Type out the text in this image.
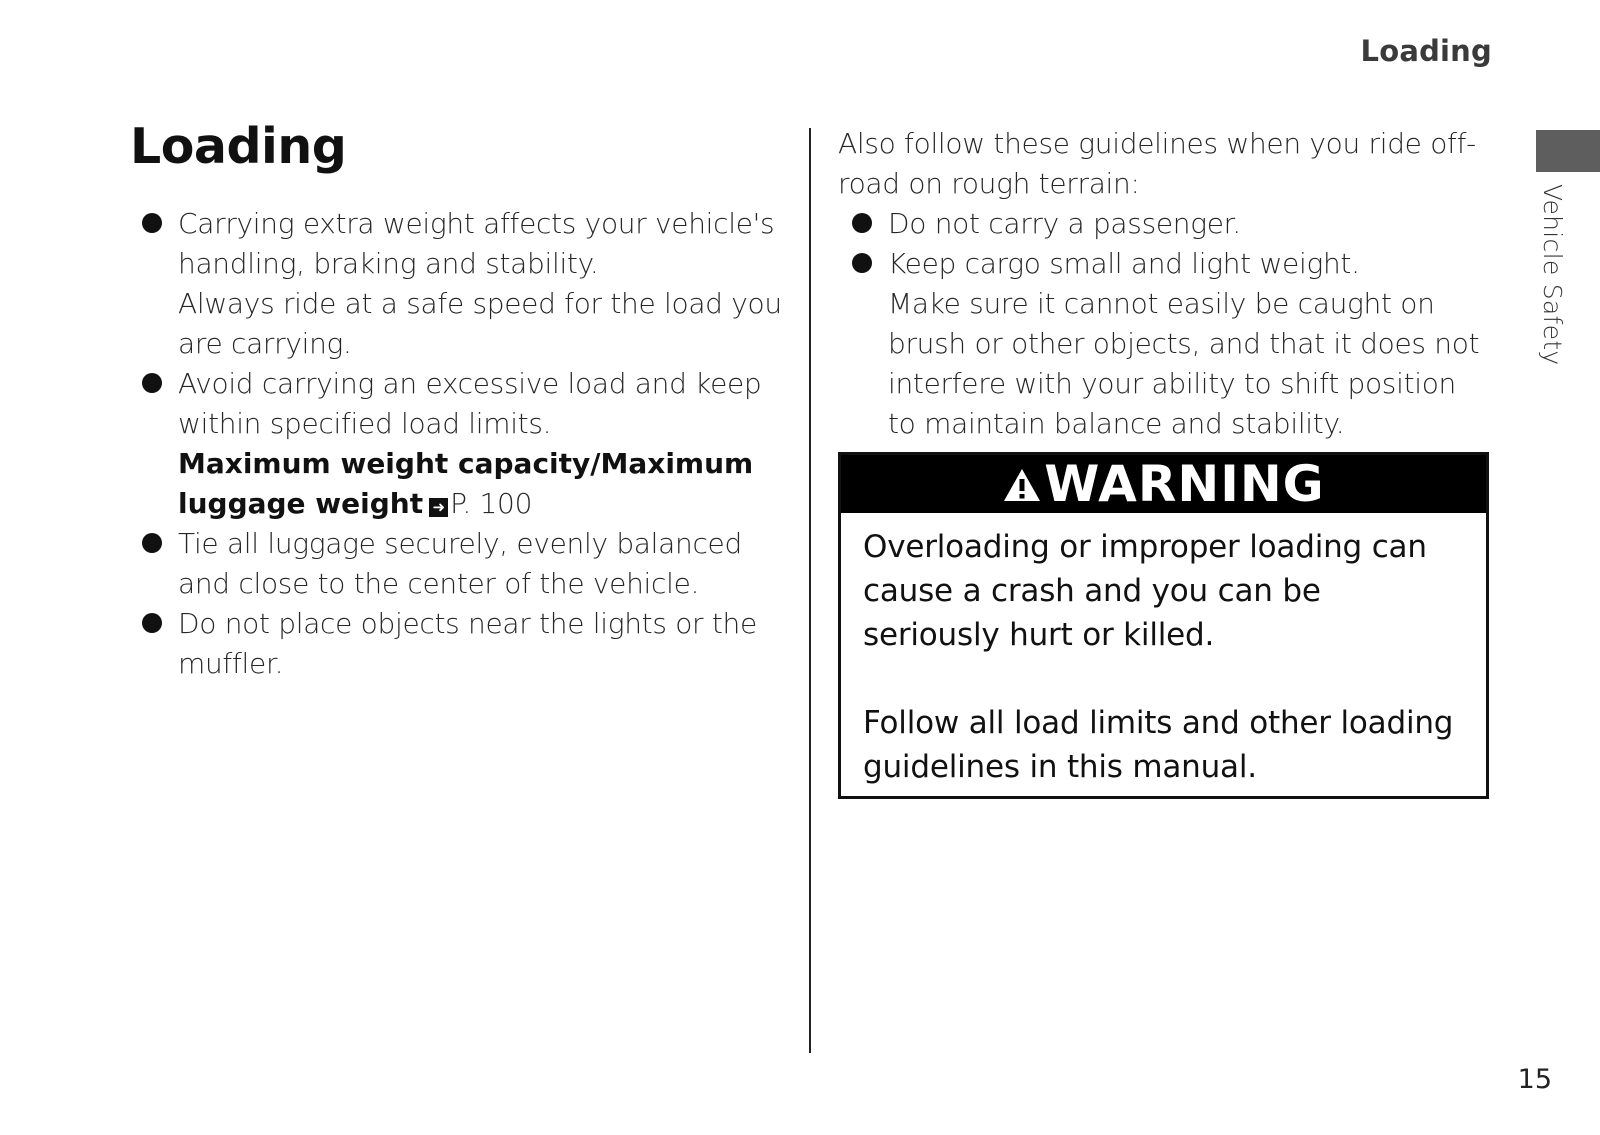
Loading
Loading
Carrying extra weight affects your vehicle's handling, braking and stability.
Always ride at a safe speed for the load you are carrying.
Avoid carrying an excessive load and keep within specified load limits.
Maximum weight capacity/Maximum luggage weight ➜ P. 100
Tie all luggage securely, evenly balanced and close to the center of the vehicle.
Do not place objects near the lights or the muffler.

Also follow these guidelines when you ride off-road on rough terrain:

Do not carry a passenger.
Keep cargo small and light weight.
Make sure it cannot easily be caught on brush or other objects, and that it does not interfere with your ability to shift position to maintain balance and stability.
WARNING

Overloading or improper loading can cause a crash and you can be seriously hurt or killed.

Follow all load limits and other loading guidelines in this manual.

Vehicle Safety
15
